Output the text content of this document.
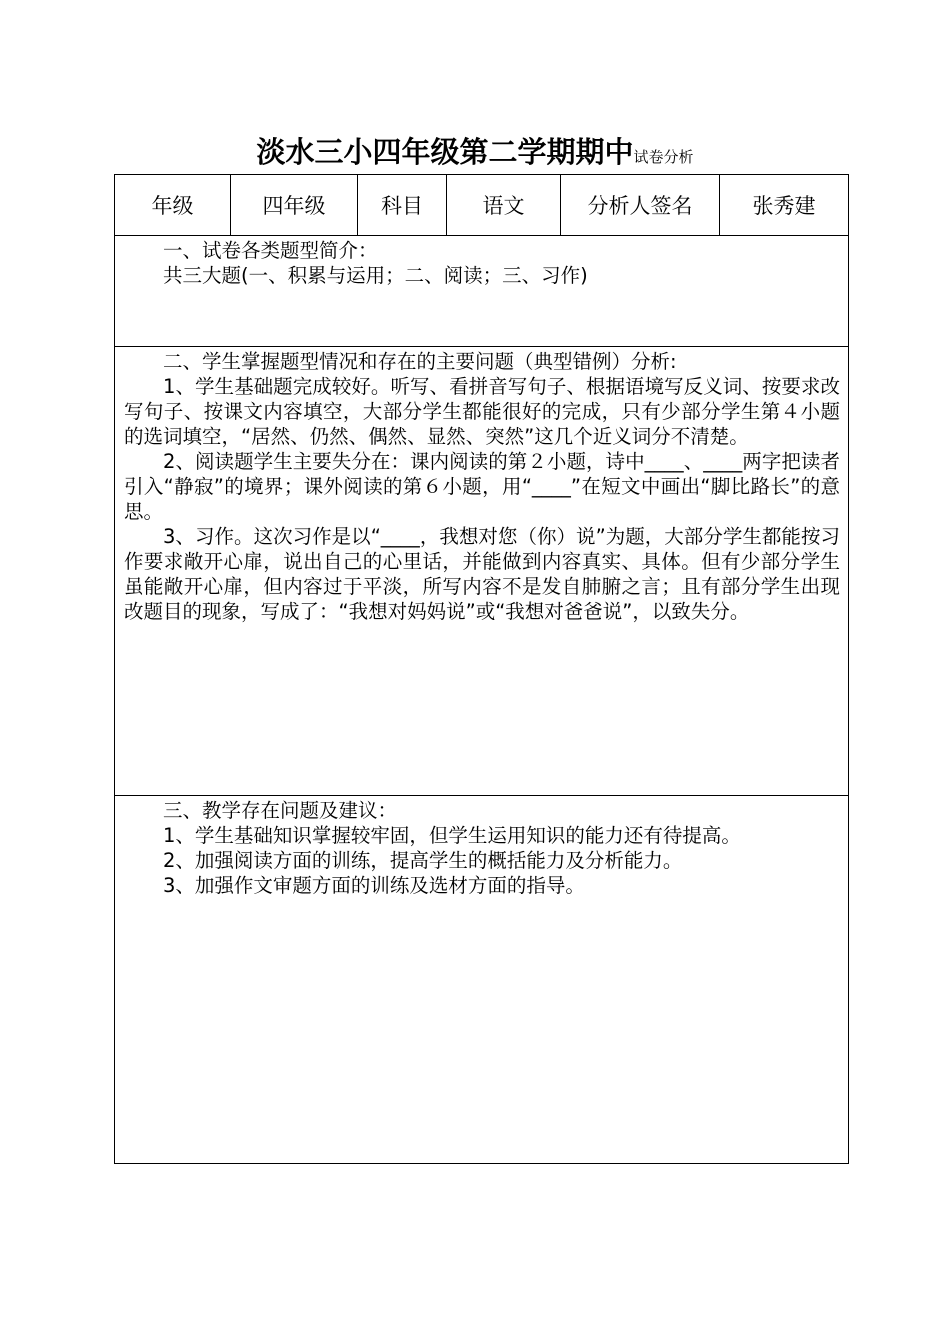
淡水三小四年级第二学期期中试卷分析
年级	四年级	科目	语文	分析人签名	张秀建

一、试卷各类题型简介：

共三大题(一、积累与运用；二、阅读；三、习作)

二、学生掌握题型情况和存在的主要问题（典型错例）分析:

1、学生基础题完成较好。听写、看拼音写句子、根据语境写反义词、按要求改写句子、按课文内容填空，大部分学生都能很好的完成，只有少部分学生第４小题的选词填空，“居然、仍然、偶然、显然、突然”这几个近义词分不清楚。

2、阅读题学生主要失分在：课内阅读的第２小题，诗中____、____两字把读者引入“静寂”的境界；课外阅读的第６小题，用“____”在短文中画出“脚比路长”的意思。

3、习作。这次习作是以“____，我想对您（你）说”为题，大部分学生都能按习作要求敞开心扉，说出自己的心里话，并能做到内容真实、具体。但有少部分学生虽能敞开心扉，但内容过于平淡，所写内容不是发自肺腑之言；且有部分学生出现改题目的现象，写成了：“我想对妈妈说”或“我想对爸爸说”，以致失分。

三、教学存在问题及建议：

1、学生基础知识掌握较牢固，但学生运用知识的能力还有待提高。

2、加强阅读方面的训练，提高学生的概括能力及分析能力。

3、加强作文审题方面的训练及选材方面的指导。
